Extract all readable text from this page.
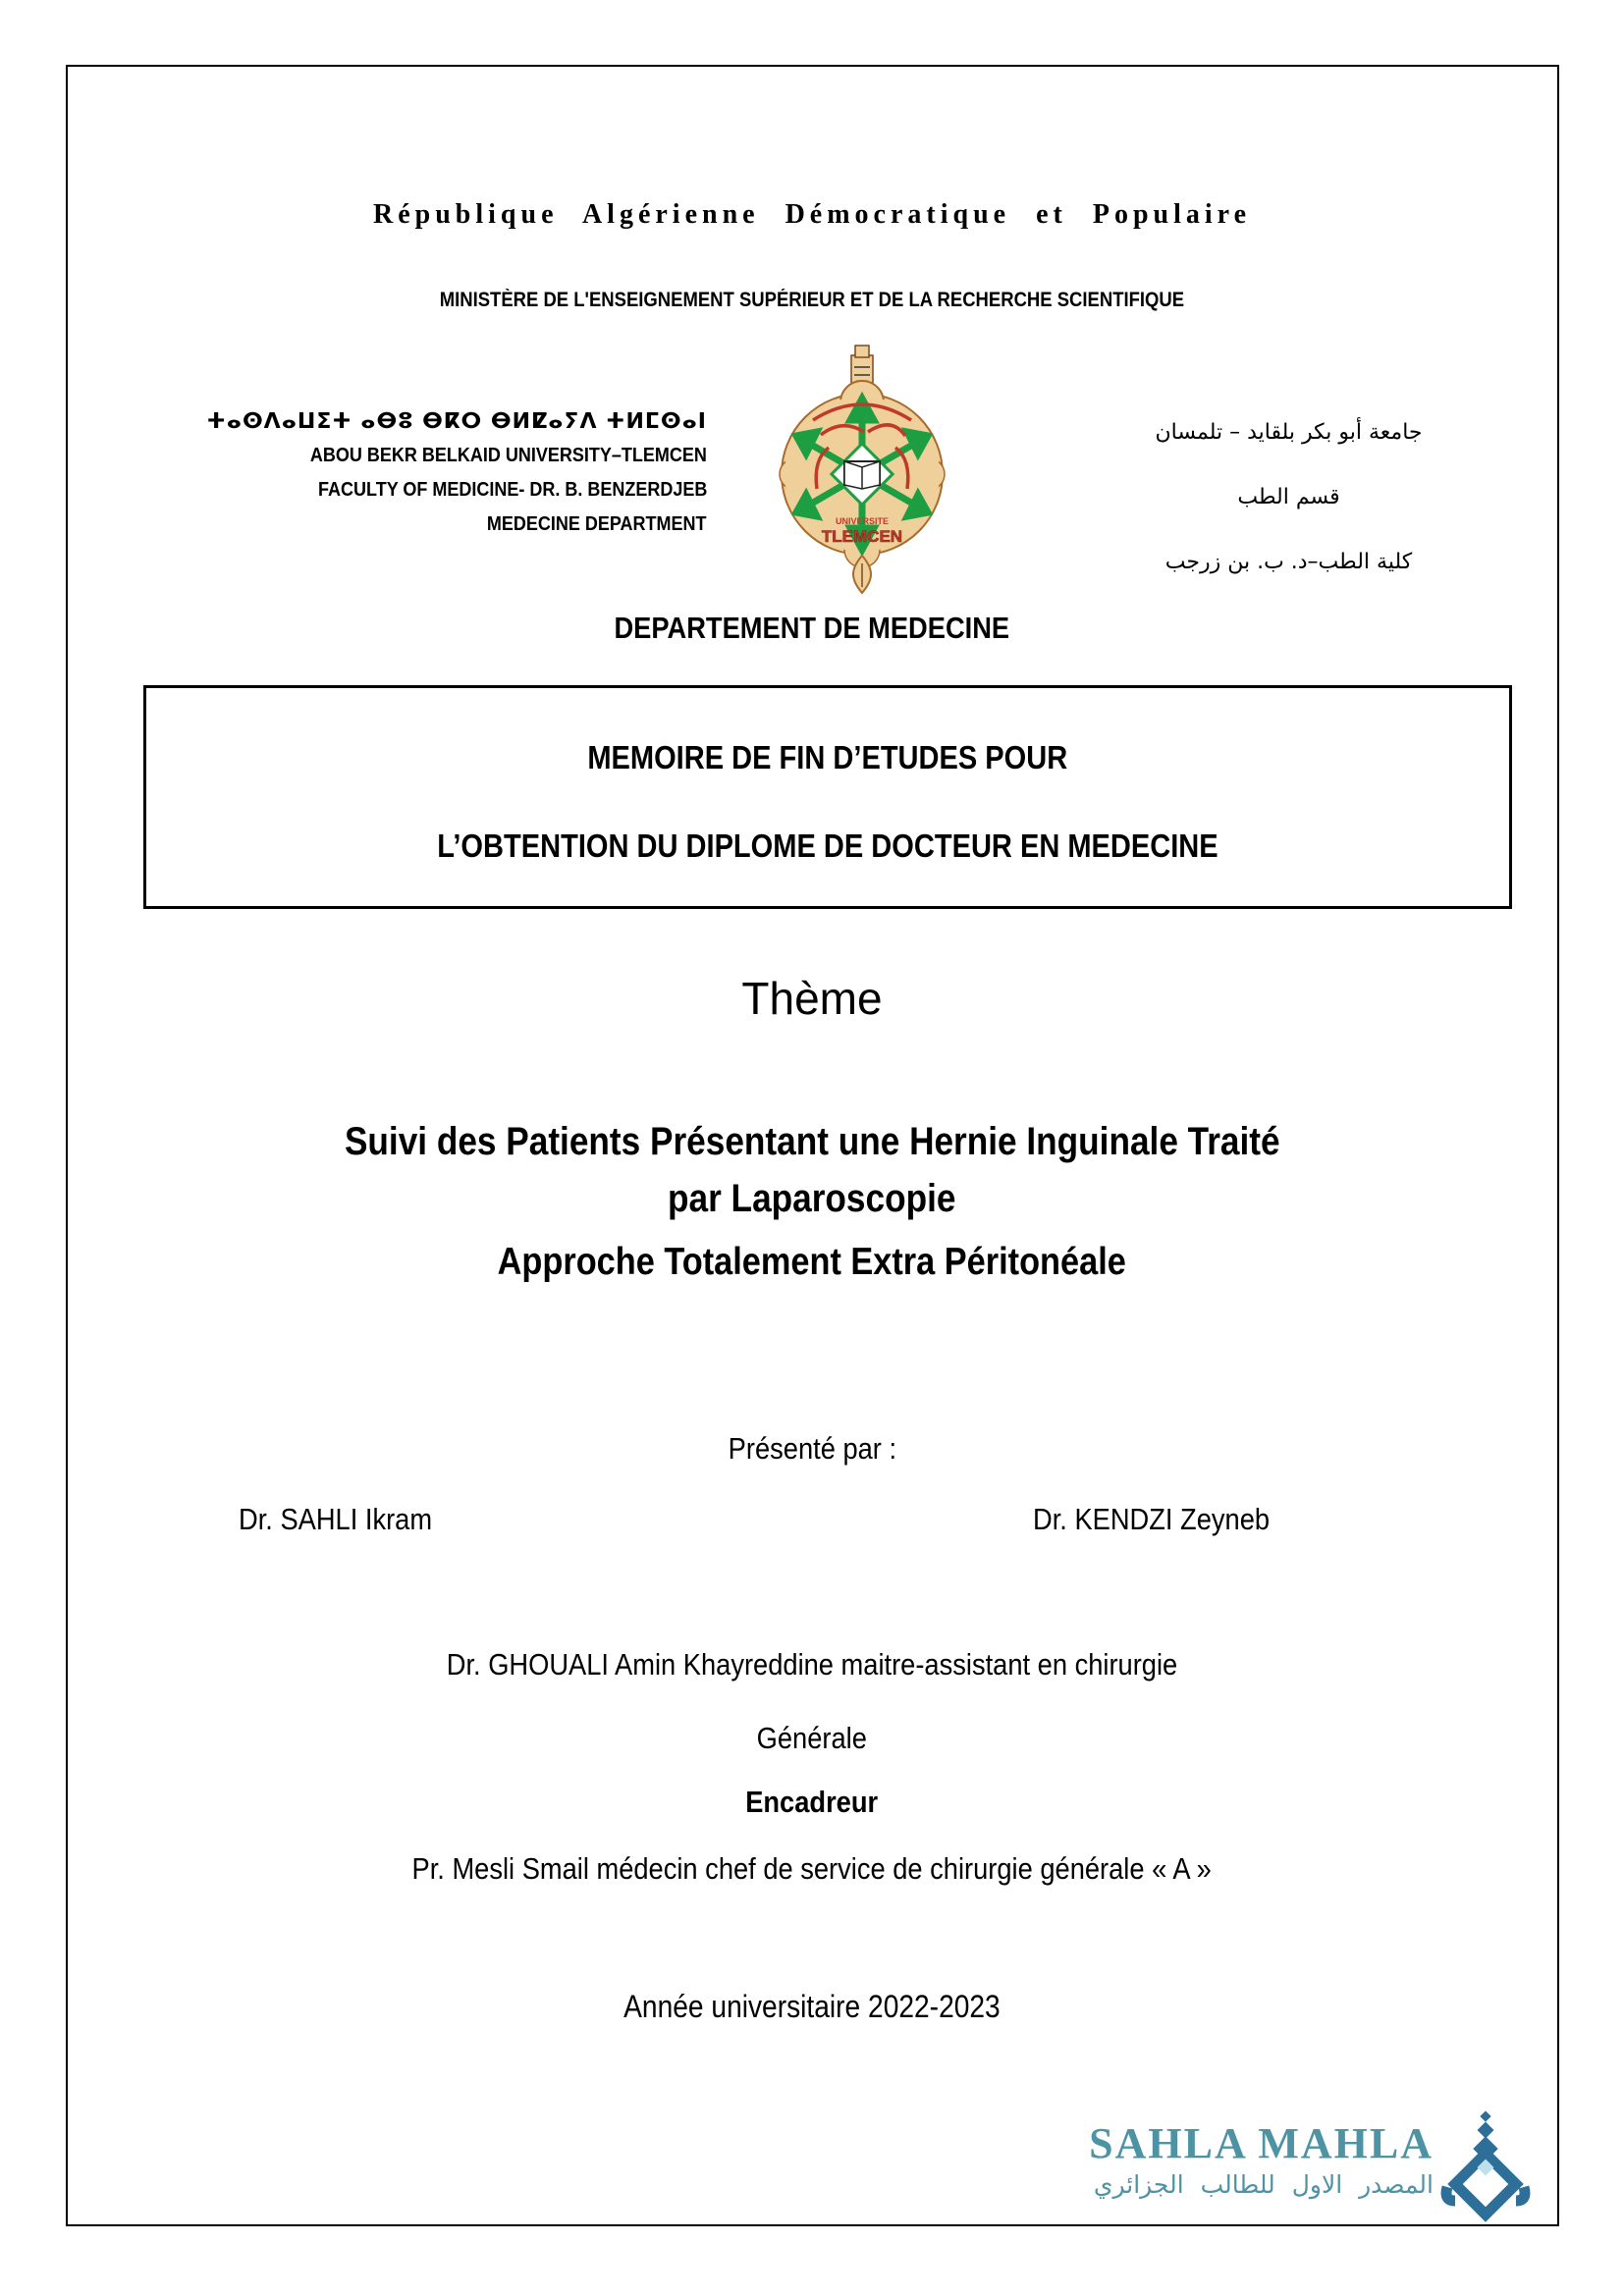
République Algérienne Démocratique et Populaire
MINISTÈRE DE L'ENSEIGNEMENT SUPÉRIEUR ET DE LA RECHERCHE SCIENTIFIQUE
ⵜⴰⵙⴷⴰⵡⵉⵜ ⴰⴱⵓ ⴱⴽⵔ ⴱⵍⵇⴰⵢⴷ ⵜⵍⵎⵙⴰⵏ
ABOU BEKR BELKAID UNIVERSITY–TLEMCEN
FACULTY OF MEDICINE- DR. B. BENZERDJEB
MEDECINE DEPARTMENT	UNIVERSITE
TLEMCEN
جامعة أبو بكر بلقايد – تلمسان
قسم الطب
كلية الطب–د. ب. بن زرجب
DEPARTEMENT DE MEDECINE
MEMOIRE DE FIN D’ETUDES POUR
L’OBTENTION DU DIPLOME DE DOCTEUR EN MEDECINE
Thème
Suivi des Patients Présentant une Hernie Inguinale Traité
par Laparoscopie
Approche Totalement Extra Péritonéale
Présenté par :
Dr. SAHLI Ikram	Dr. KENDZI Zeyneb
Dr. GHOUALI Amin Khayreddine maitre-assistant en chirurgie
Générale
Encadreur
Pr. Mesli Smail médecin chef de service de chirurgie générale « A »
Année universitaire 2022-2023
SAHLA MAHLA
المصدر الاول للطالب الجزائري
